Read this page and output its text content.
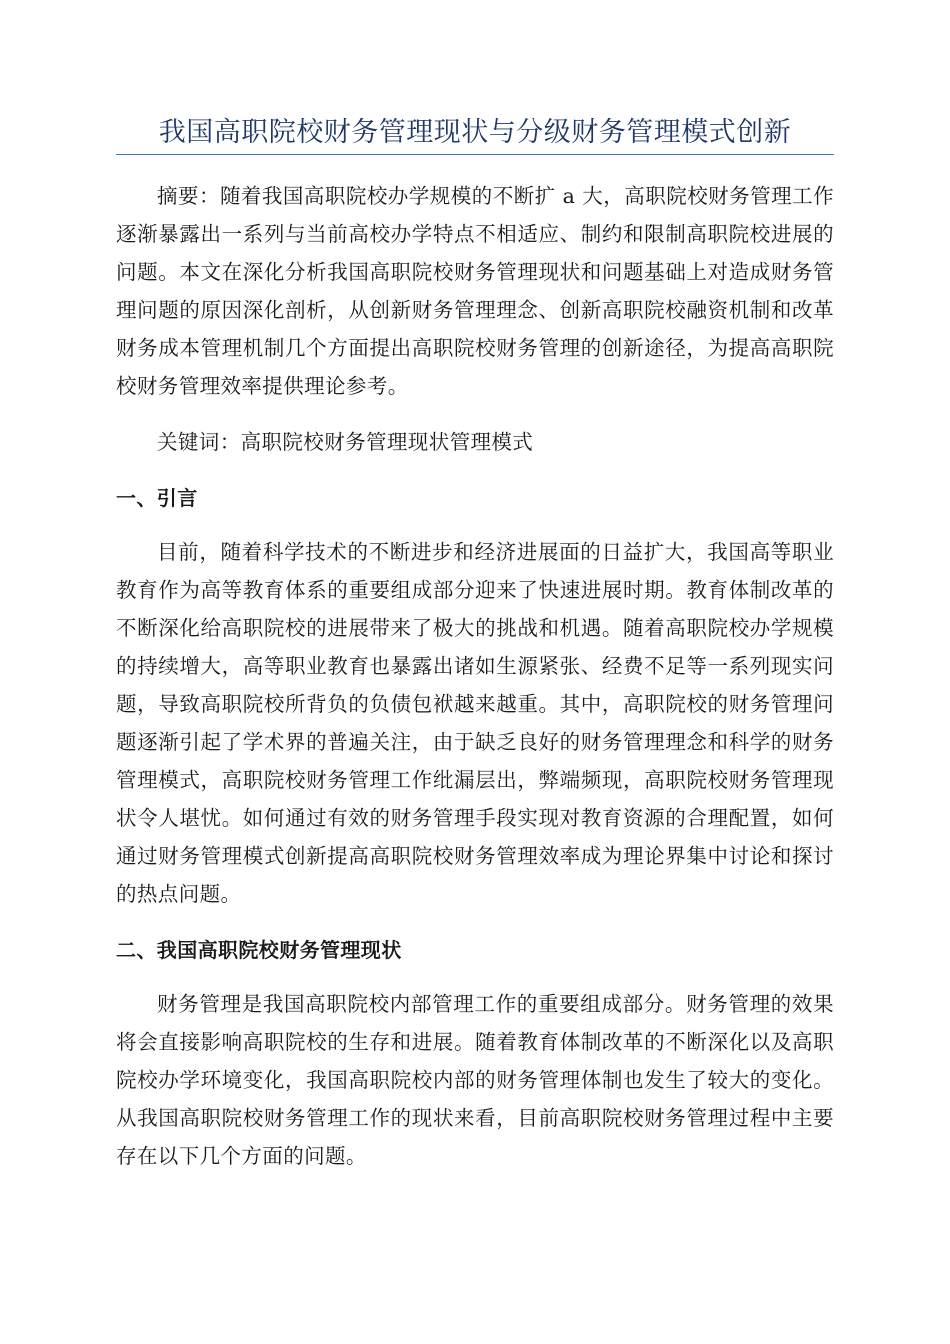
我国高职院校财务管理现状与分级财务管理模式创新

摘要：随着我国高职院校办学规模的不断扩 a 大，高职院校财务管理工作逐渐暴露出一系列与当前高校办学特点不相适应、制约和限制高职院校进展的问题。本文在深化分析我国高职院校财务管理现状和问题基础上对造成财务管理问题的原因深化剖析，从创新财务管理理念、创新高职院校融资机制和改革财务成本管理机制几个方面提出高职院校财务管理的创新途径，为提高高职院校财务管理效率提供理论参考。

关键词：高职院校财务管理现状管理模式

一、引言

目前，随着科学技术的不断进步和经济进展面的日益扩大，我国高等职业教育作为高等教育体系的重要组成部分迎来了快速进展时期。教育体制改革的不断深化给高职院校的进展带来了极大的挑战和机遇。随着高职院校办学规模的持续增大，高等职业教育也暴露出诸如生源紧张、经费不足等一系列现实问题，导致高职院校所背负的负债包袱越来越重。其中，高职院校的财务管理问题逐渐引起了学术界的普遍关注，由于缺乏良好的财务管理理念和科学的财务管理模式，高职院校财务管理工作纰漏层出，弊端频现，高职院校财务管理现状令人堪忧。如何通过有效的财务管理手段实现对教育资源的合理配置，如何通过财务管理模式创新提高高职院校财务管理效率成为理论界集中讨论和探讨的热点问题。

二、我国高职院校财务管理现状

财务管理是我国高职院校内部管理工作的重要组成部分。财务管理的效果将会直接影响高职院校的生存和进展。随着教育体制改革的不断深化以及高职院校办学环境变化，我国高职院校内部的财务管理体制也发生了较大的变化。从我国高职院校财务管理工作的现状来看，目前高职院校财务管理过程中主要存在以下几个方面的问题。
